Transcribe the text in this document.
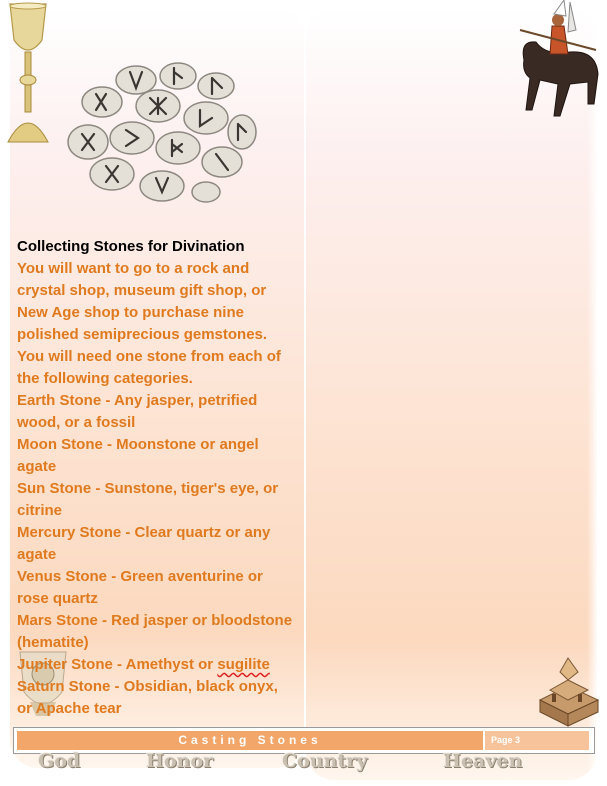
Collecting Stones for Divination
You will want to go to a rock and crystal shop, museum gift shop, or New Age shop to purchase nine polished semiprecious gemstones. You will need one stone from each of the following categories.
Earth Stone - Any jasper, petrified wood, or a fossil
Moon Stone - Moonstone or angel agate
Sun Stone - Sunstone, tiger's eye, or citrine
Mercury Stone - Clear quartz or any agate
Venus Stone - Green aventurine or rose quartz
Mars Stone - Red jasper or bloodstone (hematite)
Jupiter Stone - Amethyst or sugilite
Saturn Stone - Obsidian, black onyx, or Apache tear
Casting Stones	Page 3
God	Honor	Country	Heaven
